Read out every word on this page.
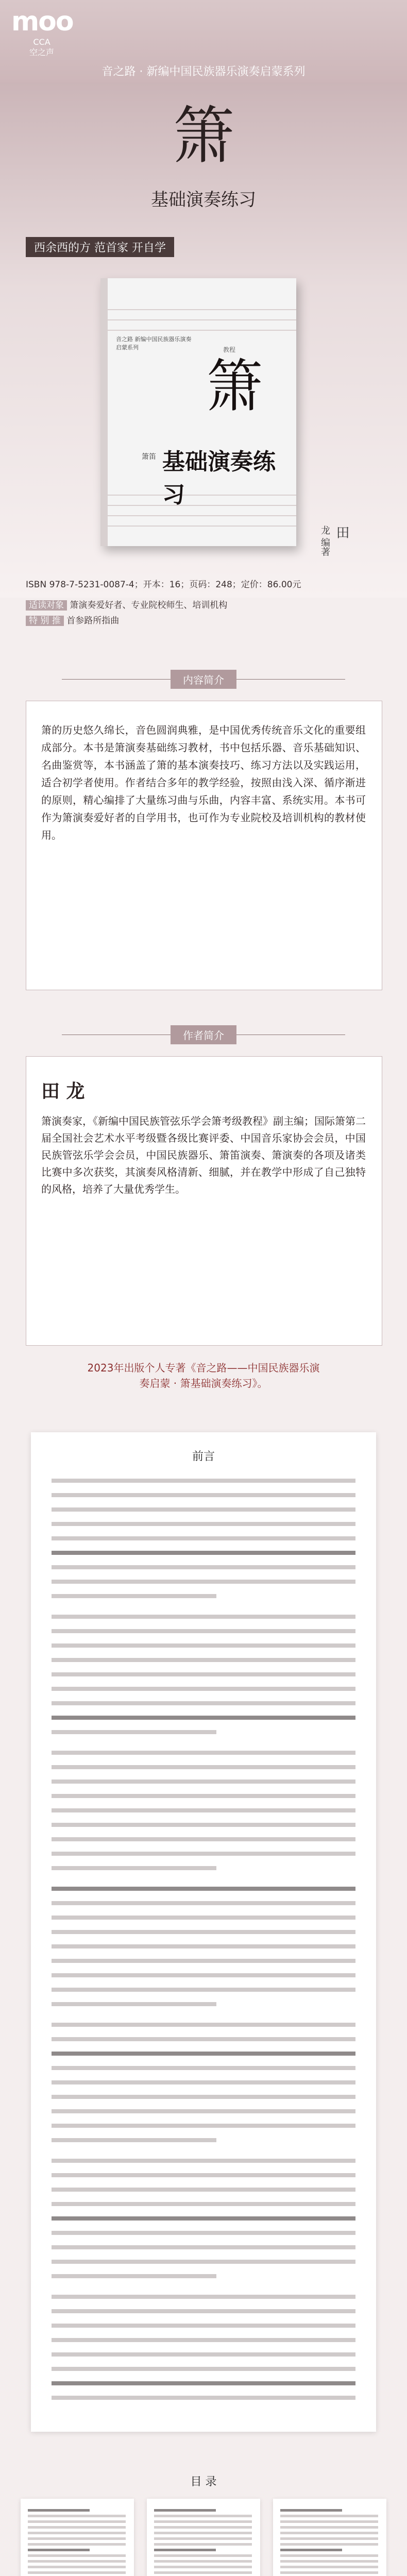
moo
CCA
空之声
音之路 · 新编中国民族器乐演奏启蒙系列
箫
基础演奏练习
西余西的方 范首家 开自学
音之路 新编中国民族器乐演奏启蒙系列	教程
箫
箫笛 基础演奏练习
田
龙 编著
ISBN 978-7-5231-0087-4；开本：16；页码：248；定价：86.00元
适读对象 箫演奏爱好者、专业院校师生、培训机构
特 别 推 首参路所指曲
内容简介
箫的历史悠久绵长，音色圆润典雅，是中国优秀传统音乐文化的重要组成部分。本书是箫演奏基础练习教材，书中包括乐器、音乐基础知识、名曲鉴赏等，本书涵盖了箫的基本演奏技巧、练习方法以及实践运用，适合初学者使用。作者结合多年的教学经验，按照由浅入深、循序渐进的原则，精心编排了大量练习曲与乐曲，内容丰富、系统实用。本书可作为箫演奏爱好者的自学用书，也可作为专业院校及培训机构的教材使用。
作者简介
田 龙
箫演奏家，《新编中国民族管弦乐学会箫考级教程》副主编；国际箫第二届全国社会艺术水平考级暨各级比赛评委、中国音乐家协会会员，中国民族管弦乐学会会员，中国民族器乐、箫笛演奏、箫演奏的各项及诸类比赛中多次获奖，其演奏风格清新、细腻，并在教学中形成了自己独特的风格，培养了大量优秀学生。
2023年出版个人专著《音之路——中国民族器乐演
奏启蒙 · 箫基础演奏练习》。
前言
目 录
